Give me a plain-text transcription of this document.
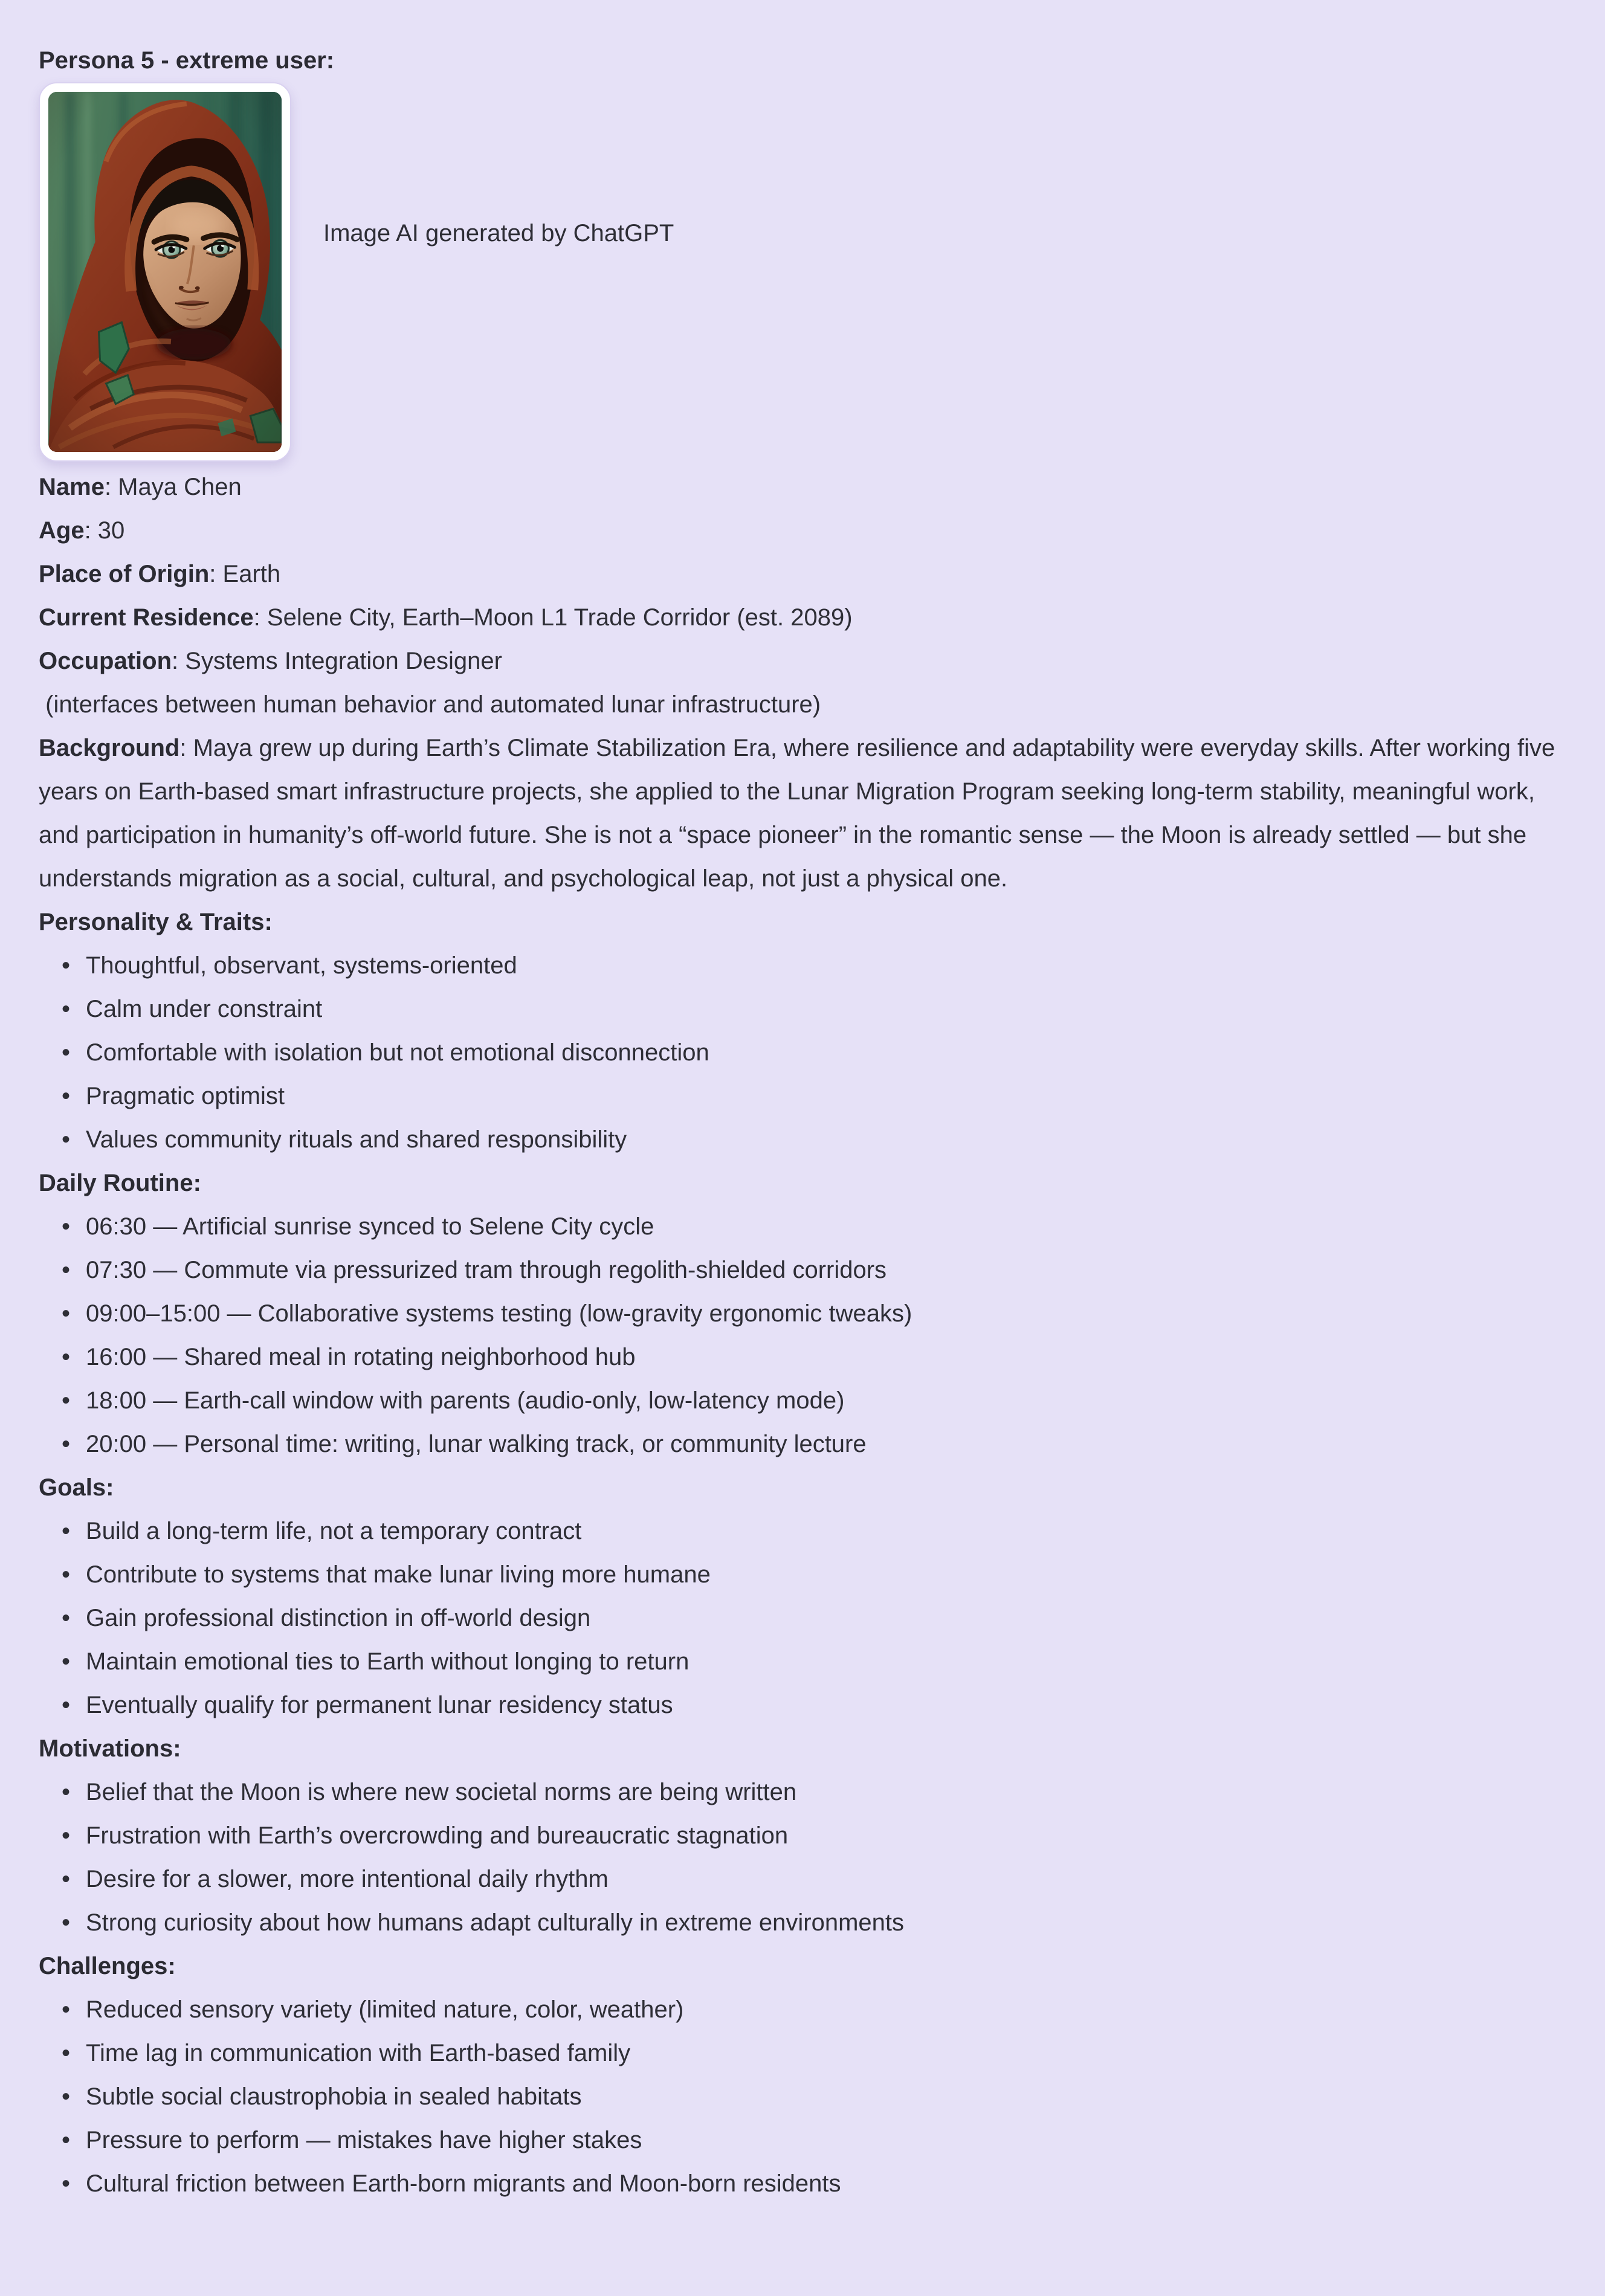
Persona 5 - extreme user:
Image AI generated by ChatGPT

Name: Maya Chen

Age: 30

Place of Origin: Earth

Current Residence: Selene City, Earth–Moon L1 Trade Corridor (est. 2089)

Occupation: Systems Integration Designer

(interfaces between human behavior and automated lunar infrastructure)

Background: Maya grew up during Earth’s Climate Stabilization Era, where resilience and adaptability were everyday skills. After working five years on Earth-based smart infrastructure projects, she applied to the Lunar Migration Program seeking long-term stability, meaningful work, and participation in humanity’s off-world future. She is not a “space pioneer” in the romantic sense — the Moon is already settled — but she understands migration as a social, cultural, and psychological leap, not just a physical one.

Personality & Traits:
• Thoughtful, observant, systems-oriented
• Calm under constraint
• Comfortable with isolation but not emotional disconnection
• Pragmatic optimist
• Values community rituals and shared responsibility
Daily Routine:
• 06:30 — Artificial sunrise synced to Selene City cycle
• 07:30 — Commute via pressurized tram through regolith-shielded corridors
• 09:00–15:00 — Collaborative systems testing (low-gravity ergonomic tweaks)
• 16:00 — Shared meal in rotating neighborhood hub
• 18:00 — Earth-call window with parents (audio-only, low-latency mode)
• 20:00 — Personal time: writing, lunar walking track, or community lecture
Goals:
• Build a long-term life, not a temporary contract
• Contribute to systems that make lunar living more humane
• Gain professional distinction in off-world design
• Maintain emotional ties to Earth without longing to return
• Eventually qualify for permanent lunar residency status
Motivations:
• Belief that the Moon is where new societal norms are being written
• Frustration with Earth’s overcrowding and bureaucratic stagnation
• Desire for a slower, more intentional daily rhythm
• Strong curiosity about how humans adapt culturally in extreme environments
Challenges:
• Reduced sensory variety (limited nature, color, weather)
• Time lag in communication with Earth-based family
• Subtle social claustrophobia in sealed habitats
• Pressure to perform — mistakes have higher stakes
• Cultural friction between Earth-born migrants and Moon-born residents
